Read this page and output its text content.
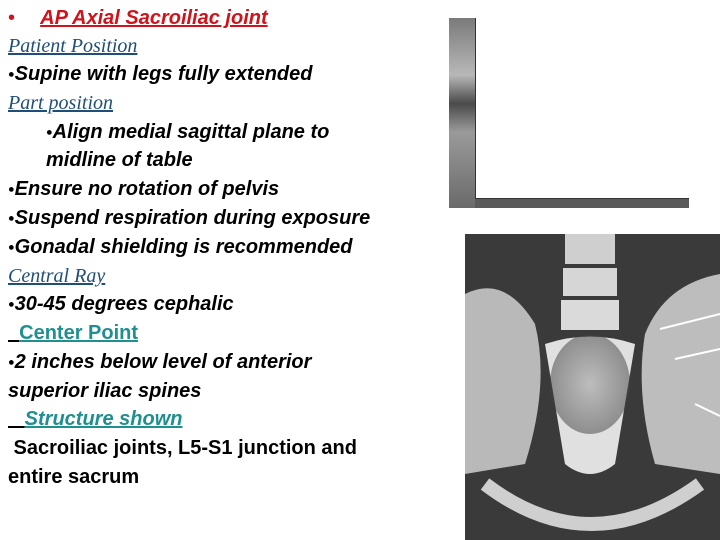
• AP Axial Sacroiliac joint
Patient Position
●Supine with legs fully extended
Part position
●Align medial sagittal plane to
midline of table
●Ensure no rotation of pelvis
●Suspend respiration during exposure
●Gonadal shielding is recommended
Central Ray
●30-45 degrees cephalic
Center Point
●2 inches below level of anterior
superior iliac spines
Structure shown
Sacroiliac joints, L5-S1 junction and
entire sacrum
